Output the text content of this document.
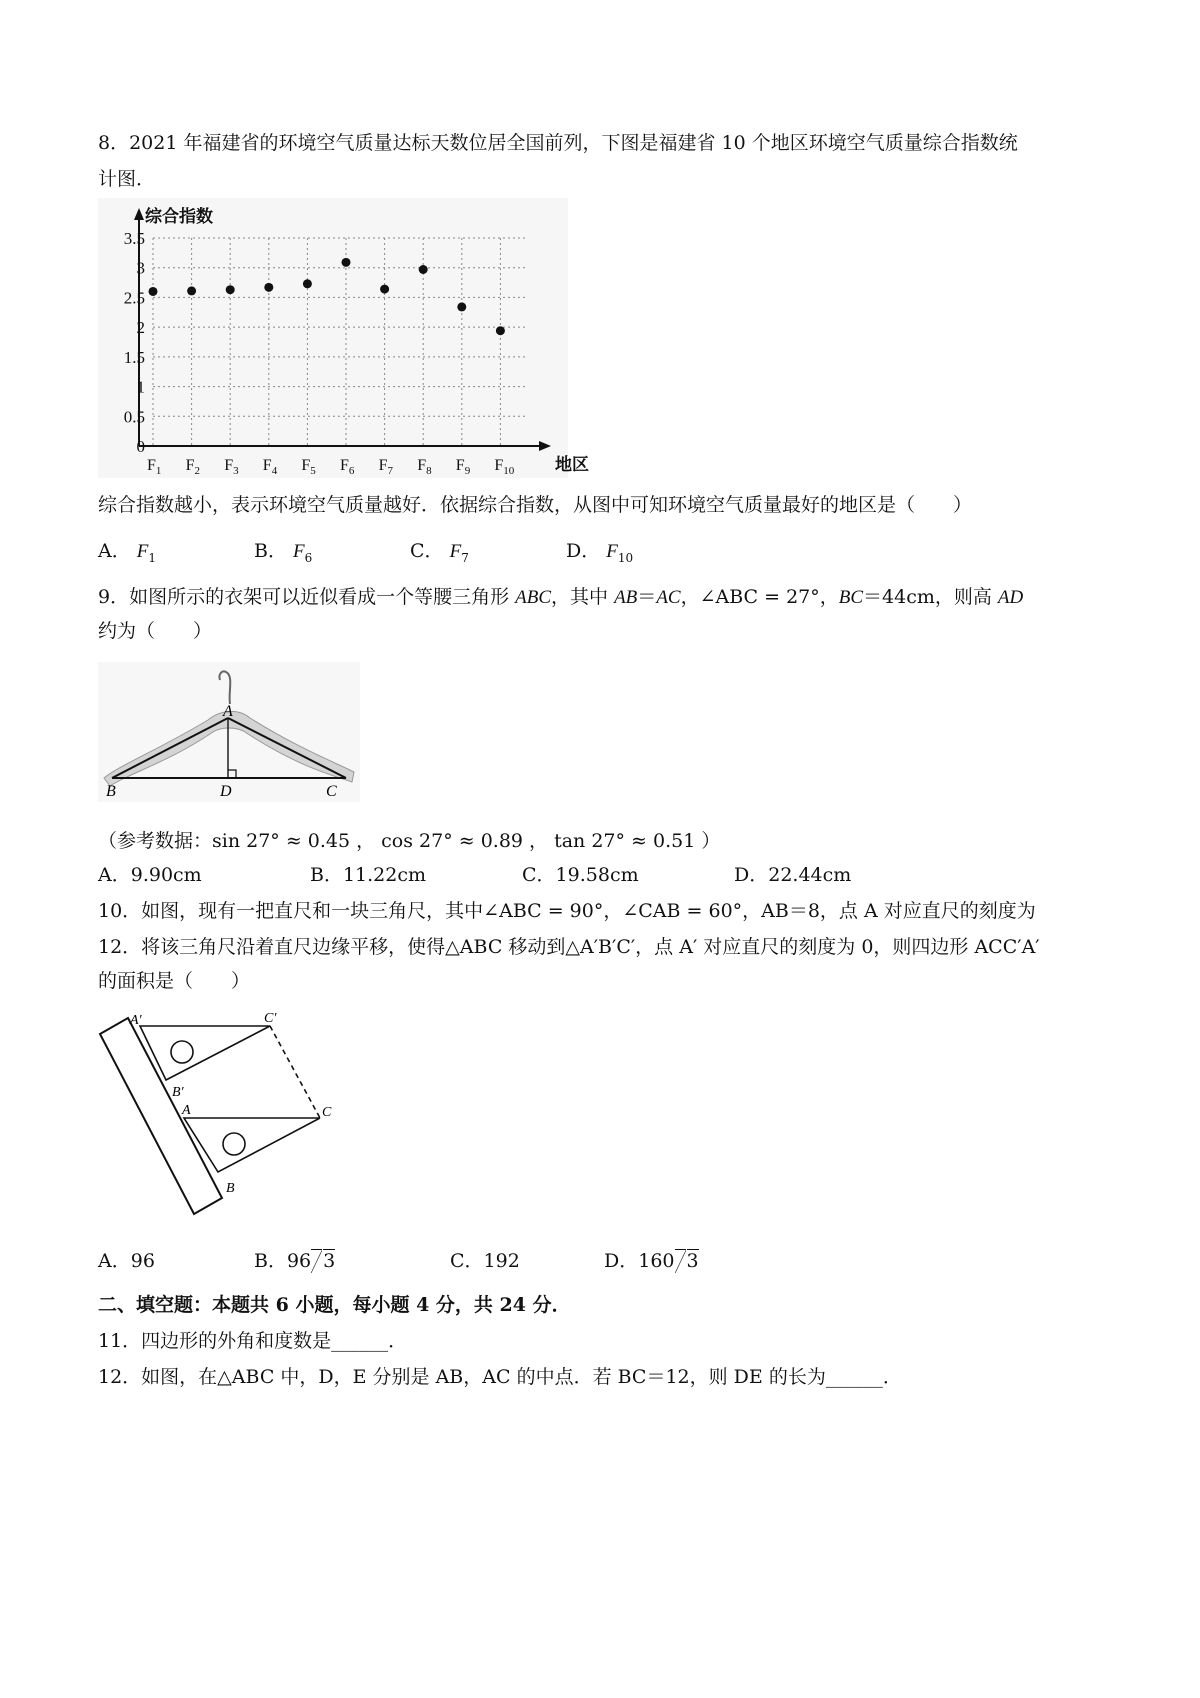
8．2021 年福建省的环境空气质量达标天数位居全国前列，下图是福建省 10 个地区环境空气质量综合指数统
计图．
0
0.5
1
1.5
2
2.5
3
3.5
$F_1$ $F_2$ $F_3$ $F_4$ $F_5$ $F_6$ $F_7$ $F_8$ $F_9$ $F_{10}$
综合指数
地区
综合指数越小，表示环境空气质量越好．依据综合指数，从图中可知环境空气质量最好的地区是（　　）
A． $F_1$	B． $F_6$	C． $F_7$	D． $F_{10}$
9．如图所示的衣架可以近似看成一个等腰三角形 ABC，其中 AB＝AC，∠ABC = 27°，BC＝44cm，则高 AD
约为（　　）
A
B	D	C
（参考数据：sin 27° ≈ 0.45 ， cos 27° ≈ 0.89 ， tan 27° ≈ 0.51 ）
A．9.90cm	B．11.22cm	C．19.58cm	D．22.44cm
10．如图，现有一把直尺和一块三角尺，其中∠ABC = 90°，∠CAB = 60°，AB＝8，点 A 对应直尺的刻度为
12．将该三角尺沿着直尺边缘平移，使得△ABC 移动到△A′B′C′，点 A′ 对应直尺的刻度为 0，则四边形 ACC′A′
的面积是（　　）
A′	C′
B′
A	C
B
A．96	B．96 3	C．192	D．160 3
二、填空题：本题共 6 小题，每小题 4 分，共 24 分．
11．四边形的外角和度数是______．
12．如图，在△ABC 中，D，E 分别是 AB，AC 的中点．若 BC＝12，则 DE 的长为______．
